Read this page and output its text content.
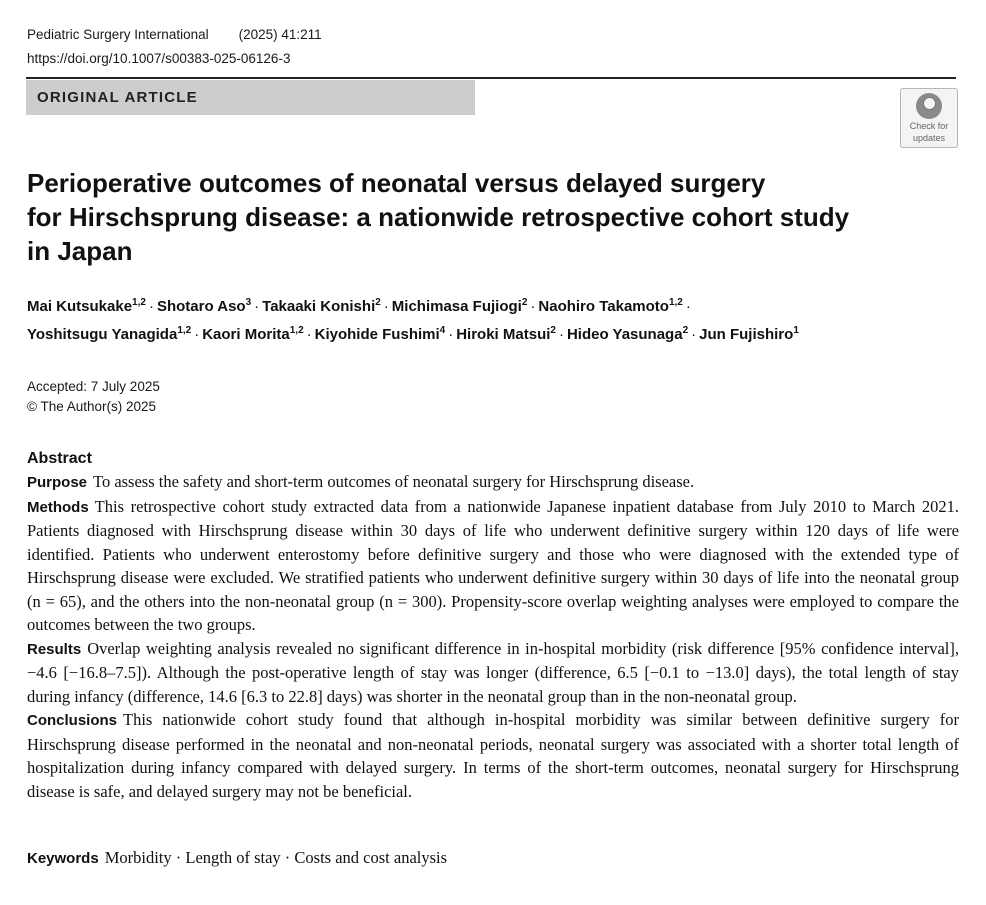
Pediatric Surgery International (2025) 41:211
https://doi.org/10.1007/s00383-025-06126-3
ORIGINAL ARTICLE
Check for
updates
Perioperative outcomes of neonatal versus delayed surgery
for Hirschsprung disease: a nationwide retrospective cohort study
in Japan
Mai Kutsukake$^{1,2}$ · Shotaro Aso$^3$ · Takaaki Konishi$^2$ · Michimasa Fujiogi$^2$ · Naohiro Takamoto$^{1,2}$ ·
Yoshitsugu Yanagida$^{1,2}$ · Kaori Morita$^{1,2}$ · Kiyohide Fushimi$^4$ · Hiroki Matsui$^2$ · Hideo Yasunaga$^2$ · Jun Fujishiro$^1$
Accepted: 7 July 2025
© The Author(s) 2025
Abstract

Purpose To assess the safety and short-term outcomes of neonatal surgery for Hirschsprung disease.

Methods This retrospective cohort study extracted data from a nationwide Japanese inpatient database from July 2010 to March 2021. Patients diagnosed with Hirschsprung disease within 30 days of life who underwent definitive surgery within 120 days of life were identified. Patients who underwent enterostomy before definitive surgery and those who were diagnosed with the extended type of Hirschsprung disease were excluded. We stratified patients who underwent definitive surgery within 30 days of life into the neonatal group (n = 65), and the others into the non-neonatal group (n = 300). Propensity-score overlap weighting analyses were employed to compare the outcomes between the two groups.

Results Overlap weighting analysis revealed no significant difference in in-hospital morbidity (risk difference [95% confidence interval], −4.6 [−16.8–7.5]). Although the post-operative length of stay was longer (difference, 6.5 [−0.1 to −13.0] days), the total length of stay during infancy (difference, 14.6 [6.3 to 22.8] days) was shorter in the neonatal group than in the non-neonatal group.

Conclusions This nationwide cohort study found that although in-hospital morbidity was similar between definitive surgery for Hirschsprung disease performed in the neonatal and non-neonatal periods, neonatal surgery was associated with a shorter total length of hospitalization during infancy compared with delayed surgery. In terms of the short-term outcomes, neonatal surgery for Hirschsprung disease is safe, and delayed surgery may not be beneficial.

Keywords Morbidity · Length of stay · Costs and cost analysis
